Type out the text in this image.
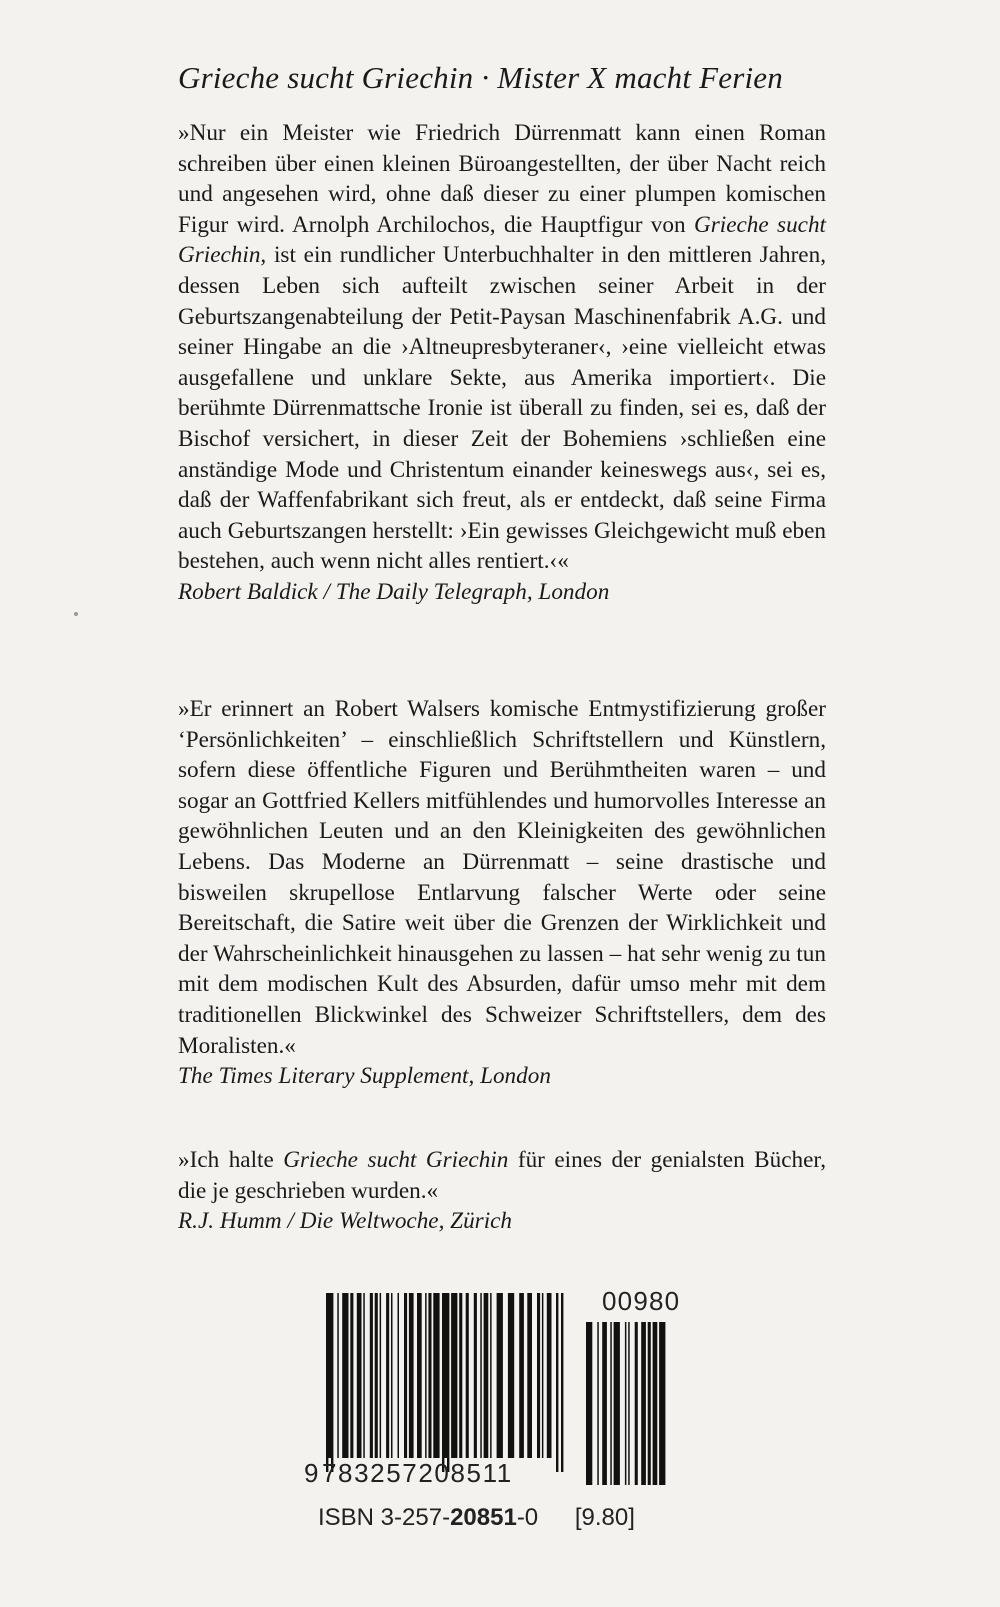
Grieche sucht Griechin · Mister X macht Ferien

»Nur ein Meister wie Friedrich Dürrenmatt kann einen Roman schreiben über einen kleinen Büroangestellten, der über Nacht reich und angesehen wird, ohne daß dieser zu einer plumpen komischen Figur wird. Arnolph Archilochos, die Hauptfigur von Grieche sucht Griechin, ist ein rundlicher Unterbuchhalter in den mittleren Jahren, dessen Leben sich aufteilt zwischen seiner Arbeit in der Geburtszangenabteilung der Petit-Paysan Maschinenfabrik A.G. und seiner Hingabe an die ›Altneupresbyteraner‹, ›eine vielleicht etwas ausgefallene und unklare Sekte, aus Amerika importiert‹. Die berühmte Dürrenmattsche Ironie ist überall zu finden, sei es, daß der Bischof versichert, in dieser Zeit der Bohemiens ›schließen eine anständige Mode und Christentum einander keineswegs aus‹, sei es, daß der Waffenfabrikant sich freut, als er entdeckt, daß seine Firma auch Geburtszangen herstellt: ›Ein gewisses Gleichgewicht muß eben bestehen, auch wenn nicht alles rentiert.‹«

Robert Baldick / The Daily Telegraph, London

»Er erinnert an Robert Walsers komische Entmystifizierung großer ‘Persönlichkeiten’ – einschließlich Schriftstellern und Künstlern, sofern diese öffentliche Figuren und Berühmtheiten waren – und sogar an Gottfried Kellers mitfühlendes und humorvolles Interesse an gewöhnlichen Leuten und an den Kleinigkeiten des gewöhnlichen Lebens. Das Moderne an Dürrenmatt – seine drastische und bisweilen skrupellose Entlarvung falscher Werte oder seine Bereitschaft, die Satire weit über die Grenzen der Wirklichkeit und der Wahrscheinlichkeit hinausgehen zu lassen – hat sehr wenig zu tun mit dem modischen Kult des Absurden, dafür umso mehr mit dem traditionellen Blickwinkel des Schweizer Schriftstellers, dem des Moralisten.«

The Times Literary Supplement, London

»Ich halte Grieche sucht Griechin für eines der genialsten Bücher, die je geschrieben wurden.«

R.J. Humm / Die Weltwoche, Zürich

9 783257208511
00980
ISBN 3-257-20851-0 [9.80]
